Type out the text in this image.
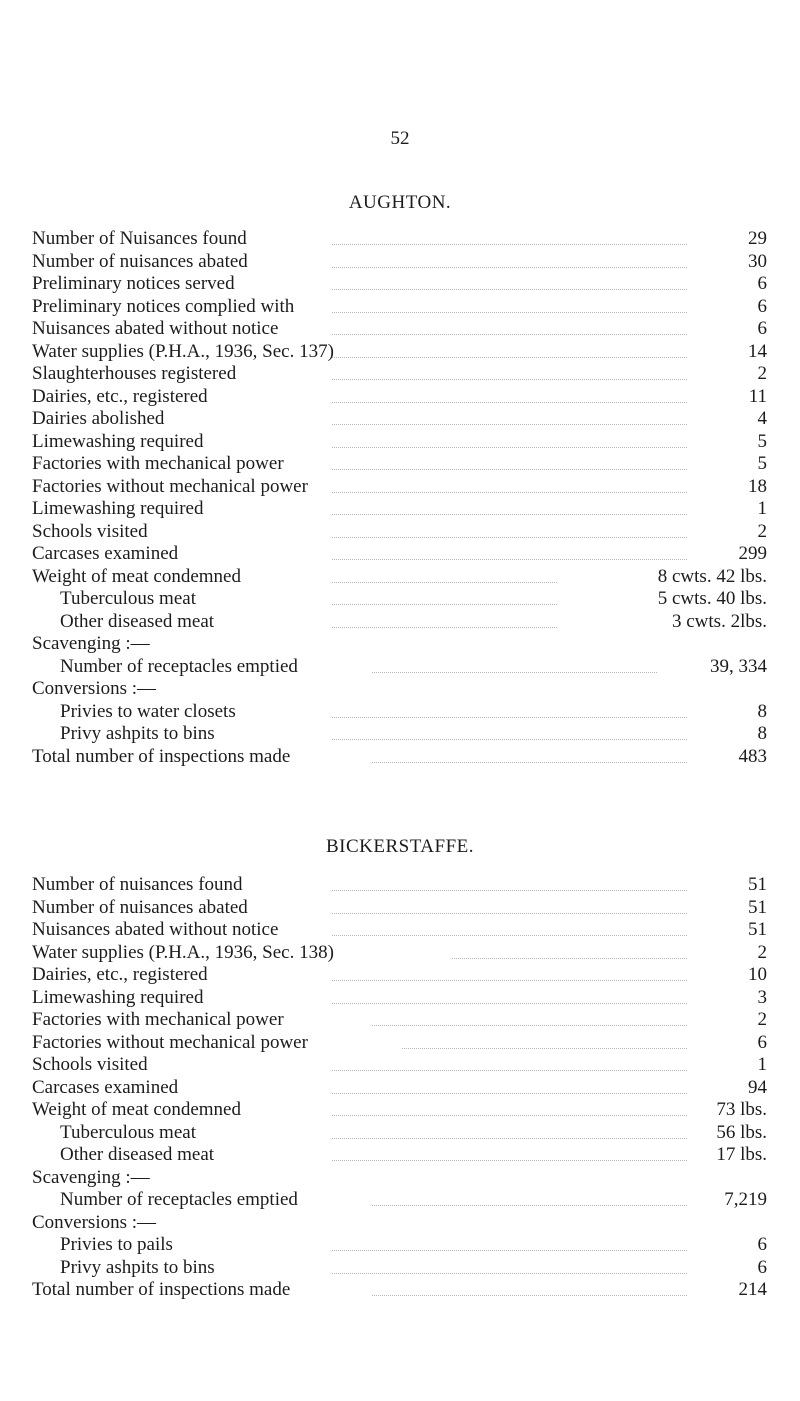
52
AUGHTON.
Number of Nuisances found	29
Number of nuisances abated	30
Preliminary notices served	6
Preliminary notices complied with	6
Nuisances abated without notice	6
Water supplies (P.H.A., 1936, Sec. 137)	14
Slaughterhouses registered	2
Dairies, etc., registered	11
Dairies abolished	4
Limewashing required	5
Factories with mechanical power	5
Factories without mechanical power	18
Limewashing required	1
Schools visited	2
Carcases examined	299
Weight of meat condemned	8 cwts. 42 lbs.
Tuberculous meat	5 cwts. 40 lbs.
Other diseased meat	3 cwts. 2lbs.
Scavenging :—
Number of receptacles emptied	39, 334
Conversions :—
Privies to water closets	8
Privy ashpits to bins	8
Total number of inspections made	483
BICKERSTAFFE.
Number of nuisances found	51
Number of nuisances abated	51
Nuisances abated without notice	51
Water supplies (P.H.A., 1936, Sec. 138)	2
Dairies, etc., registered	10
Limewashing required	3
Factories with mechanical power	2
Factories without mechanical power	6
Schools visited	1
Carcases examined	94
Weight of meat condemned	73 lbs.
Tuberculous meat	56 lbs.
Other diseased meat	17 lbs.
Scavenging :—
Number of receptacles emptied	7,219
Conversions :—
Privies to pails	6
Privy ashpits to bins	6
Total number of inspections made	214
